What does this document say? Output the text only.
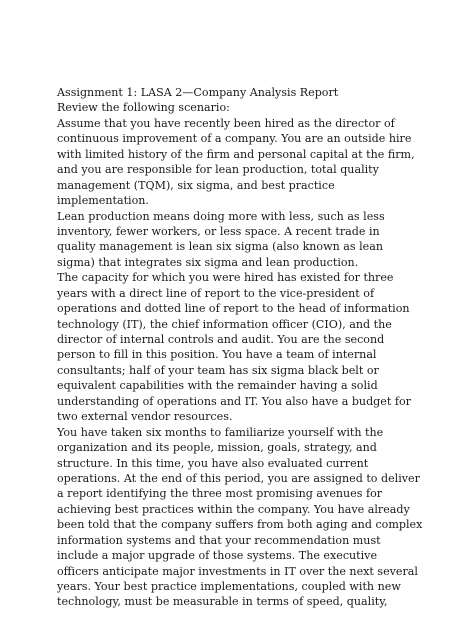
Assignment 1: LASA 2—Company Analysis Report
Review the following scenario:
Assume that you have recently been hired as the director of
continuous improvement of a company. You are an outside hire
with limited history of the firm and personal capital at the firm,
and you are responsible for lean production, total quality
management (TQM), six sigma, and best practice
implementation.
Lean production means doing more with less, such as less
inventory, fewer workers, or less space. A recent trade in
quality management is lean six sigma (also known as lean
sigma) that integrates six sigma and lean production.
The capacity for which you were hired has existed for three
years with a direct line of report to the vice-president of
operations and dotted line of report to the head of information
technology (IT), the chief information officer (CIO), and the
director of internal controls and audit. You are the second
person to fill in this position. You have a team of internal
consultants; half of your team has six sigma black belt or
equivalent capabilities with the remainder having a solid
understanding of operations and IT. You also have a budget for
two external vendor resources.
You have taken six months to familiarize yourself with the
organization and its people, mission, goals, strategy, and
structure. In this time, you have also evaluated current
operations. At the end of this period, you are assigned to deliver
a report identifying the three most promising avenues for
achieving best practices within the company. You have already
been told that the company suffers from both aging and complex
information systems and that your recommendation must
include a major upgrade of those systems. The executive
officers anticipate major investments in IT over the next several
years. Your best practice implementations, coupled with new
technology, must be measurable in terms of speed, quality,
